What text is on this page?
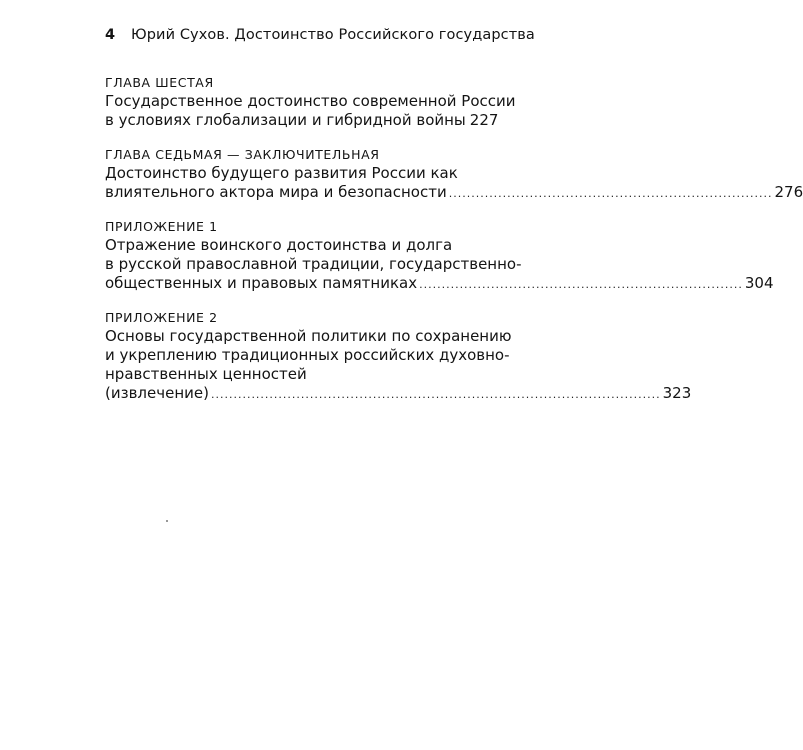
4 Юрий Сухов. Достоинство Российского государства
ГЛАВА ШЕСТАЯ
Государственное достоинство современной России
в условиях глобализации и гибридной войны 227
ГЛАВА СЕДЬМАЯ — ЗАКЛЮЧИТЕЛЬНАЯ
Достоинство будущего развития России как
влиятельного актора мира и безопасности ........................................................................ 276
ПРИЛОЖЕНИЕ 1
Отражение воинского достоинства и долга
в русской православной традиции, государственно-
общественных и правовых памятниках ........................................................................ 304
ПРИЛОЖЕНИЕ 2
Основы государственной политики по сохранению
и укреплению традиционных российских духовно-
нравственных ценностей
(извлечение) .................................................................................................... 323
